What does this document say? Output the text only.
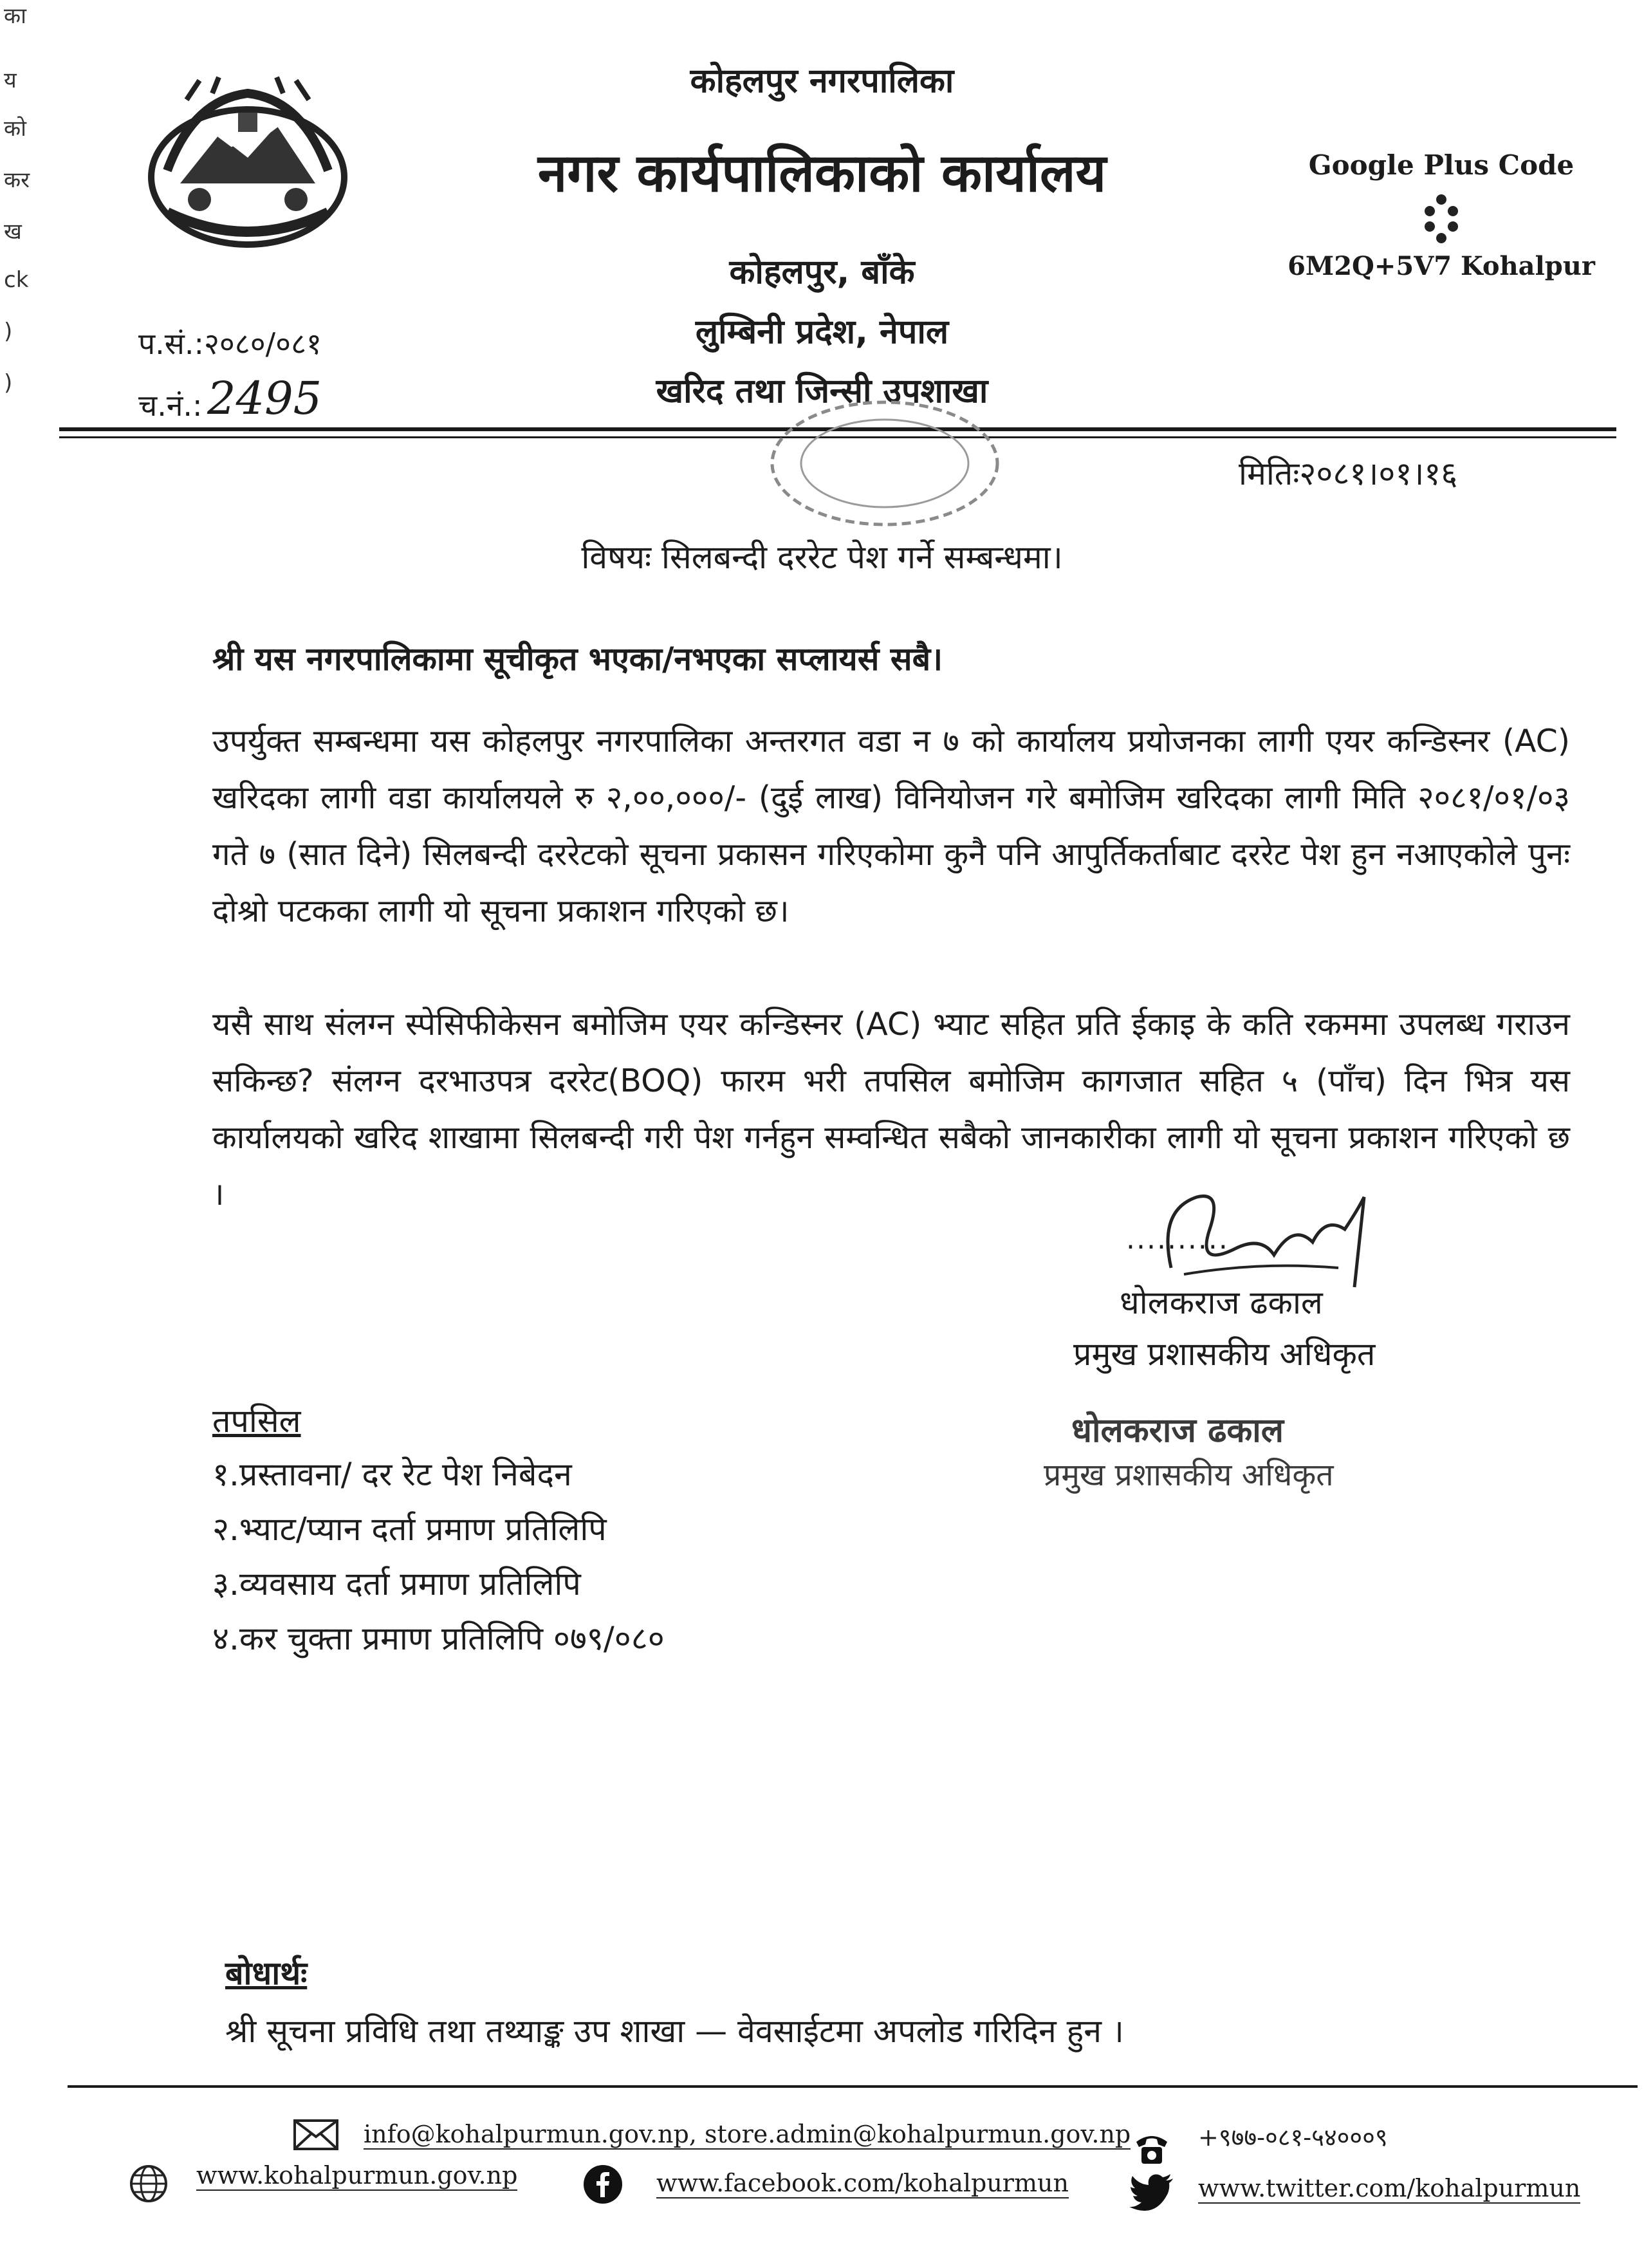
का
य
को
कर
ख
ck
)
)
कोहलपुर नगरपालिका
नगर कार्यपालिकाको कार्यालय
कोहलपुर, बाँके
लुम्बिनी प्रदेश, नेपाल
खरिद तथा जिन्सी उपशाखा
Google Plus Code
6M2Q+5V7 Kohalpur
प.सं.:२०८०/०८१
च.नं.: 2495
मितिः२०८१।०१।१६
विषयः सिलबन्दी दररेट पेश गर्ने सम्बन्धमा।
श्री यस नगरपालिकामा सूचीकृत भएका/नभएका सप्लायर्स सबै।
उपर्युक्त सम्बन्धमा यस कोहलपुर नगरपालिका अन्तरगत वडा न ७ को कार्यालय प्रयोजनका लागी एयर कन्डिस्नर (AC) खरिदका लागी वडा कार्यालयले रु २,००,०००/- (दुई लाख) विनियोजन गरे बमोजिम खरिदका लागी मिति २०८१/०१/०३ गते ७ (सात दिने) सिलबन्दी दररेटको सूचना प्रकासन गरिएकोमा कुनै पनि आपुर्तिकर्ताबाट दररेट पेश हुन नआएकोले पुनः दोश्रो पटकका लागी यो सूचना प्रकाशन गरिएको छ।
यसै साथ संलग्न स्पेसिफीकेसन बमोजिम एयर कन्डिस्नर (AC) भ्याट सहित प्रति ईकाइ के कति रकममा उपलब्ध गराउन सकिन्छ? संलग्न दरभाउपत्र दररेट(BOQ) फारम भरी तपसिल बमोजिम कागजात सहित ५ (पाँच) दिन भित्र यस कार्यालयको खरिद शाखामा सिलबन्दी गरी पेश गर्नहुन सम्वन्धित सबैको जानकारीका लागी यो सूचना प्रकाशन गरिएको छ ।
..........
धोलकराज ढकाल
प्रमुख प्रशासकीय अधिकृत
धोलकराज ढकाल
प्रमुख प्रशासकीय अधिकृत
तपसिल
१.प्रस्तावना/ दर रेट पेश निबेदन
२.भ्याट/प्यान दर्ता प्रमाण प्रतिलिपि
३.व्यवसाय दर्ता प्रमाण प्रतिलिपि
४.कर चुक्ता प्रमाण प्रतिलिपि ०७९/०८०
बोधार्थः
श्री सूचना प्रविधि तथा तथ्याङ्क उप शाखा — वेवसाईटमा अपलोड गरिदिन हुन ।
info@kohalpurmun.gov.np, store.admin@kohalpurmun.gov.np	+९७७-०८१-५४०००९
www.kohalpurmun.gov.np	www.facebook.com/kohalpurmun	www.twitter.com/kohalpurmun
